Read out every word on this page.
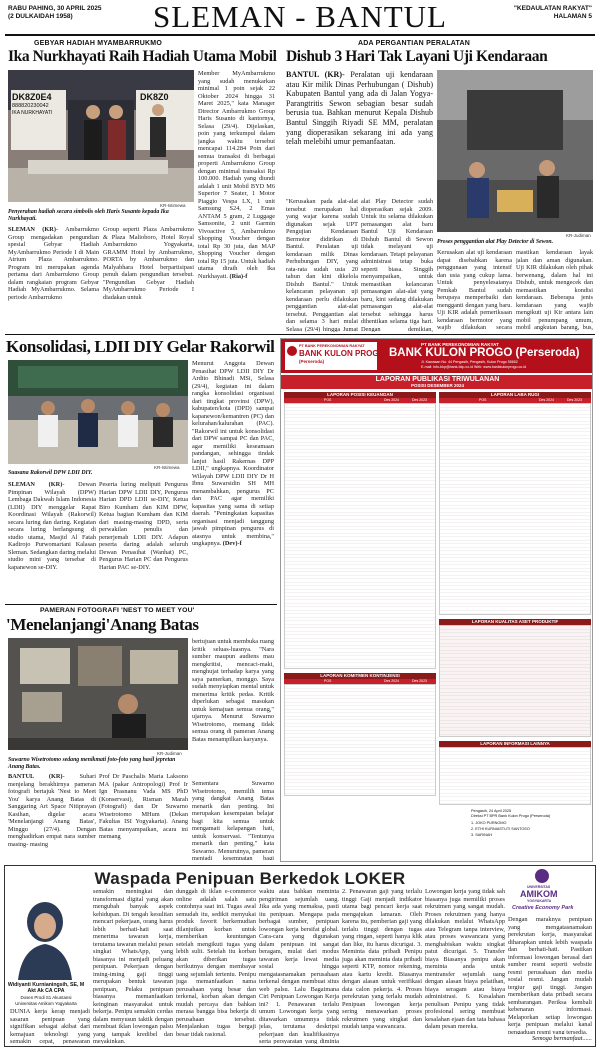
RABU PAHING, 30 APRIL 2025
(2 DULKAIDAH 1958)	SLEMAN - BANTUL	"KEDAULATAN RAKYAT"
HALAMAN 5
GEBYAR HADIAH MYAMBARRUKMO
Ika Nurkhayati Raih Hadiah Utama Mobil
DK8Z0E4
888820230042
IKA NURKHAYATI
DK8Z0
KR-Istimewa
Penyerahan hadiah secara simbolis oleh Haris Susanto kepada Ika Nurkhayati.
SLEMAN (KR)- Ambarrukmo Group mengadakan pengundian spesial Gebyar Hadiah MyAmbarrukmo Periode I di Main Atrium Plaza Ambarrukmo. Program ini merupakan agenda pertama dari Ambarrukmo Group dalam rangkaian program Gebyar Hadiah MyAmbarrukmo. Selama periode Ambarrukmo
Group seperti Plaza Ambarrukmo & Plaza Malioboro, Hotel Royal Ambarrukmo Yogyakarta, GRAMM Hotel by Ambarrukmo, PORTA by Ambarrukmo dan Malyabhara Hotel berpartisipasi penuh dalam pengundian tersebut. "Pengundian Gebyar Hadiah MyAmbarrukmo Periode I diadakan untuk
Member MyAmbarrukmo yang sudah menukarkan minimal 1 poin sejak 22 Oktober 2024 hingga 31 Maret 2025," kata Manager Director Ambarrukmo Group Haris Susanto di kantornya, Selasa (29/4). Dijelaskan, poin yang terkumpul dalam jangka waktu tersebut mencapai 114.284 Poin dari semua transaksi di berbagai properti Ambarrukmo Group dengan minimal transaksi Rp 100.000. Hadiah yang diundi adalah 1 unit Mobil BYD M6 Superior 7 Seater, 1 Motor Piaggio Vespa LX, 1 unit Samsung S24, 2 Emas ANTAM 5 gram, 2 Luggage Samsonite, 2 unit Garmin Vivoactive 5, Ambarrukmo Shopping Voucher dengan total Rp 30 juta, dan MAP Shopping Voucher dengan total Rp 15 juta. Untuk hadiah utama diraih oleh Ika Nurkhayati. (Ria)-f
ADA PERGANTIAN PERALATAN
Dishub 3 Hari Tak Layani Uji Kendaraan
BANTUL (KR)- Peralatan uji kendaraan atau Kir milik Dinas Perhubungan ( Dishub) Kabupaten Bantul yang ada di Jalan Yogya-Parangtritis Sewon sebagian besar sudah berusia tua. Bahkan menurut Kepala Dishub Bantul Singgih Riyadi SE MM, peralatan yang dioperasikan sekarang ini ada yang telah melebihi umur pemanfaatan.
KR-Judiman
"Kerusakan pada alat-alat tersebut merupakan hal yang wajar karena sudah digunakan sejak UPT Pengujian Kendaraan Bermotor didirikan di Bantul. Peralatan uji kendaraan milik Dinas Perhubungan DIY, yang rata-rata sudah usia 20 tahun dan kini dikelola Dishub Bantul." Untuk kelancaran pelayanan uji kendaraan perlu dilakukan penggantian alat-alat tersebut. Penggantian alat dan selama 3 hari mulai Selasa (29/4) hingga Jumat
alat Play Detector sudah dioperasikan sejak 2009. Untuk itu selama dilakukan pemasangan alat baru Bantul Uji Kendaraan Dishub Bantul di Sewon tidak melayani uji kendaraan. Tetapi pelayanan administrasi tetap buka seperti biasa. Singgih menyampaikan, untuk memastikan kelancaran pemasangan alat-alat yang baru, kini sedang dilakukan pemasangan alat-alat tersebut sehingga harus dihentikan selama tiga hari. Dengan demikian,
Proses penggantian alat Play Detector di Sewon.
Kerusakan alat uji kendaraan dapat disebabkan karena penggunaan yang intensif dan usia yang cukup lama. Untuk penyelesaianya Pemkab Bantul sudah berupaya memperbaiki dan mengganti dengan yang baru. Uji KIR adalah pemeriksaan kendaraan bermotor yang wajib dilakukan secara
mastikan kendaraan layak jalan dan aman digunakan. Uji KIR dilakukan oleh pihak berwenang, dalam hal ini Dishub, untuk mengecek dan memastikan kondisi kendaraan. Beberapa jenis kendaraan yang wajib mengikuti uji Kir antara lain mobil penumpang umum, mobil angkutan barang, bus,
Konsolidasi, LDII DIY Gelar Rakorwil
KR-Istimewa
Suasana Rakorwil DPW LDII DIY.
SLEMAN (KR)- Dewan Pimpinan Wilayah (DPW) Lembaga Dakwah Islam Indonesia (LDII) DIY menggelar Rapat Koordinasi Wilayah (Rakorwil) secara luring dan daring. Kegiatan secara luring berlangsung di studio utama, Masjid Al Fatah Kadirojo Purwomartani Kalasan Sleman. Sedangkan daring melalui studio mini yang tersebar di kapanewon se-DIY.
Peserta luring meliputi Pengurus Harian DPW LDII DIY, Pengurus Harian DPD LDII se-DIY, Ketua Biro Kumham dan KIM DPW, Ketua bagian Kumham dan KIM dari masing-masing DPD, serta perwakilan penulis dan penerjemah LDII DIY. Adapun peserta daring adalah seluruh Dewan Penasihat (Wanhat) PC, Pengurus Harian PC dan Pengurus Harian PAC se-DIY.
Menurut Anggota Dewan Penasihat DPW LDII DIY Dr Ardito Bhinadi MSi, Selasa (29/4), kegiatan ini dalam rangka konsolidasi organisasi dari tingkat provinsi (DPW), kabupaten/kota (DPD) sampai kapanewon/kemantren (PC) dan kelurahan/kalurahan (PAC). "Rakorwil ini untuk konsolidasi dari DPW sampai PC dan PAC, agar memiliki keseamaan pandangan, sehingga tindak lanjut hasil Rakernas DPP LDII," ungkapnya. Koordinator Wilayah DPW LDII DIY Dr H Ibnu Suwarsidin SH MH menambahkan, pengurus PC dan PAC agar memiliki kapasitas yang sama di setiap daerah. "Peningkatan kapasitas organisasi menjadi tanggung jawab pimpinan pengurus di atasnya untuk membina," ungkapnya. (Dev)-f
PAMERAN FOTOGRAFI 'NEST TO MEET YOU'
'Menelanjangi'Anang Batas
KR-Judiman
Suwarno Wisetrotomo sedang menikmati foto-foto yang hasil jepretan Anang Batas.
BANTUL (KR)- Suhari menjelang berakhirnya pameran fotografi bertajuk 'Nest to Meet You' karya Anang Batas di Sanggaring Art Space Nitiprayan Kasihan, digelar acara 'Menelanjangi Anang Batas', Minggu (27/4). Dengan menghadirkan empat nara sumber masing- masing
Prof Dr Paschalis Maria Laksono MA (pakar Antropologi) Prof Ir Ign Prasnanu Vada MS PhD (Konservasi), Risman Marah (Fotografi) dan Dr Suwarno Wisetrotomo MHum (Dekan Fakultas ISI Yogyakarta). Anang Batas menyampaikan, acara ini memang
bertujuan untuk membuka ruang kritik seluas-luasnya. "Nara sumber maupun audiens mau mengkritisi, mencaci-maki, menghujat terhadap karya yang saya pamerkan, monggo. Saya sudah menyiapkan mental untuk menerima kritik pedas. Kritik diperlukan sebagai masukan untuk kemajuan semua orang," ujarnya. Menurut Suwarno Wisetrotomo, memang tidak semua orang di pameran Anang Batas menampilkan karyanya.
Sementara Suwarno Wisetrotomo, memilih tema yang dangkat Anang Batas menarik dan penting. Ini merupakan kesempatan belajar bagi kita semua untuk mengamati kelapangan hati, untuk konservasi. "Tentunya menarik dan penting," kata Suwarno. Menurutnya, pameran menjadi kesempatan bagi
PT BANK PEREKONOMIAN RAKYAT
BANK KULON PROGO
(Perseroda)
PT BANK PEREKONOMIAN RAKYAT
BANK KULON PROGO (Perseroda)
Jl. Kawasan No. 44 Pengasih, Pengasih, Kulon Progo 55652
E-mail: info-bkp@bank-bkp.co.id Web: www.bankkulonprogo.co.id
LAPORAN PUBLIKASI TRIWULANAN
POSISI DESEMBER 2024
LAPORAN POSISI KEUANGAN
POS	Des 2024	Des 2023
LAPORAN KOMITMEN KONTINJENSI
POS	Des 2024	Des 2023
LAPORAN LABA RUGI
POS	Des 2024	Des 2023
LAPORAN KUALITAS ASET PRODUKTIF
LAPORAN INFORMASI LAINNYA
Pengasih, 24 April 2025
Direksi PT BPR Bank Kulon Progo (Perseroda)
1. JOKO PURNOMO
2. ETHI KURNIASTUTI SANTOSO
3. SARINAH
Waspada Penipuan Berkedok LOKER	UNIVERSITAS
AMIKOM
YOGYAKARTA
Creative Economy Park
Widiyanti Kurnianingsih, SE, M Akt Ak CA CPA
Dosen Prodi S1 Akuntansi
Universitas Amikom Yogyakarta
DUNIA kerja kerap menjadi sasaran penipuan yang signifikan sebagai akibat dari kemajuan teknologi yang semakin cepat, penawaran
semakin meningkat dan transformasi digital yang akan mengubah banyak aspek kehidupan. Di tengah kesulitan mencari pekerjaan, orang harus lebih berhati-hati saat menerima tawaran kerja, terutama tawaran melalui pesan singkat WhatsApp, yang biasanya ini menjadi peluang penipuan. Pekerjaan dengan iming-iming gaji tinggi merupakan bentuk tawaran penipuan, Pelaku penipuan biasanya memanfaatkan keinginan masyarakat untuk bekerja. Penipu semakin cerdas dalam menyusun taktik dengan membuat iklan lowongan palsu yang tampak kredibel dan meyakinkan.
dunggah di iklan e-commerce online adalah salah satu contohnya saat ini. Tugas awal semudah itu, sedikit menyukai produk favorit berkemudian dilanjutkan korban untuk memberikan keuntungan setelah mengikuti tugas yang lebih sulit. Setelah itu korban akan diberikan tugas berikutnya dengan membayar uang sejumlah tertentu. Penipu juga memanfaatkan nama perusahaan yang besar dan terkenal, korban akan dengan mudah percaya dan bahkan merasa bangga bisa bekerja di perusahaan tersebut. Menjalankan tugas bergaji besar tidak rasional.
waktu atau bahkan meminta pengiriman sejumlah uang. Jika ada yang memaksa, pasti itu penipuan. Mengapa pada berbagai sumber, penipuan lowongan kerja bersifat global. Cara-cara yang digunakan dalam penipuan ini sangat beragam, mulai dari modus tawaran kerja lewat media sosial hingga mengatasnamakan perusahaan terkenal dengan membuat situs web palsu. Lalu Bagaimana Ciri Penipuan Lowongan Kerja ini? 1. Penawaran terlalu umum Lowongan kerja yang ditawarkan umumnya tidak jelas, terutama deskripsi pekerjaan dan kualifikasinya serta persyaratan yang diminta
2. Penawaran gaji yang terlalu tinggi Gaji menjadi indikator utama bagi pencari kerja saat mengajukan lamaran. Oleh karena itu, pemberian gaji yang terlalu tinggi dengan tugas yang ringan, seperti hanya klik dan like, itu harus dicurigai. 3. Meminta data pribadi Penipu juga akan meminta data pribadi seperti KTP, nomor rekening, atau kartu kredit. Biasanya dengan alasan untuk verifikasi data calon pekerja. 4. Proses perekrutan yang terlalu mudah Penipuan lowongan kerja sering menawarkan proses rekrutmen yang singkat dan mudah tanpa wawancara.
Lowongan kerja yang tidak sah biasanya juga memiliki proses rekrutmen yang sangat mudah. Proses rekrutmen yang hanya dilakukan melalui WhatsApp atau Telegram tanpa interview, atau proses wawancara yang menghabiskan waktu singkat patut dicurigai. 5. Transfer biaya Biasanya penipu akan meminta anda untuk mentransfer sejumlah uang dengan alasan biaya pelatihan, biaya seragam atau biaya administrasi. 6. Kesalahan penulisan Penipu yang tidak profesional sering membuat kesalahan ejaan dan tata bahasa dalam pesan mereka.
Dengan maraknya penipuan yang mengatasnamakan perekrutan kerja, masyarakat diharapkan untuk lebih waspada dan berhati-hati. Pastikan informasi lowongan berasal dari sumber resmi seperti website resmi perusahaan dan media sosial resmi. Jangan mudah tergiur gaji tinggi. Jangan memberikan data pribadi secara sembarangan. Periksa kembali kebenaran informasi. Melaporkan setiap lowongan kerja penipuan melalui kanal pengaduan resmi yang tersedia.
Semoga bermanfaat......
